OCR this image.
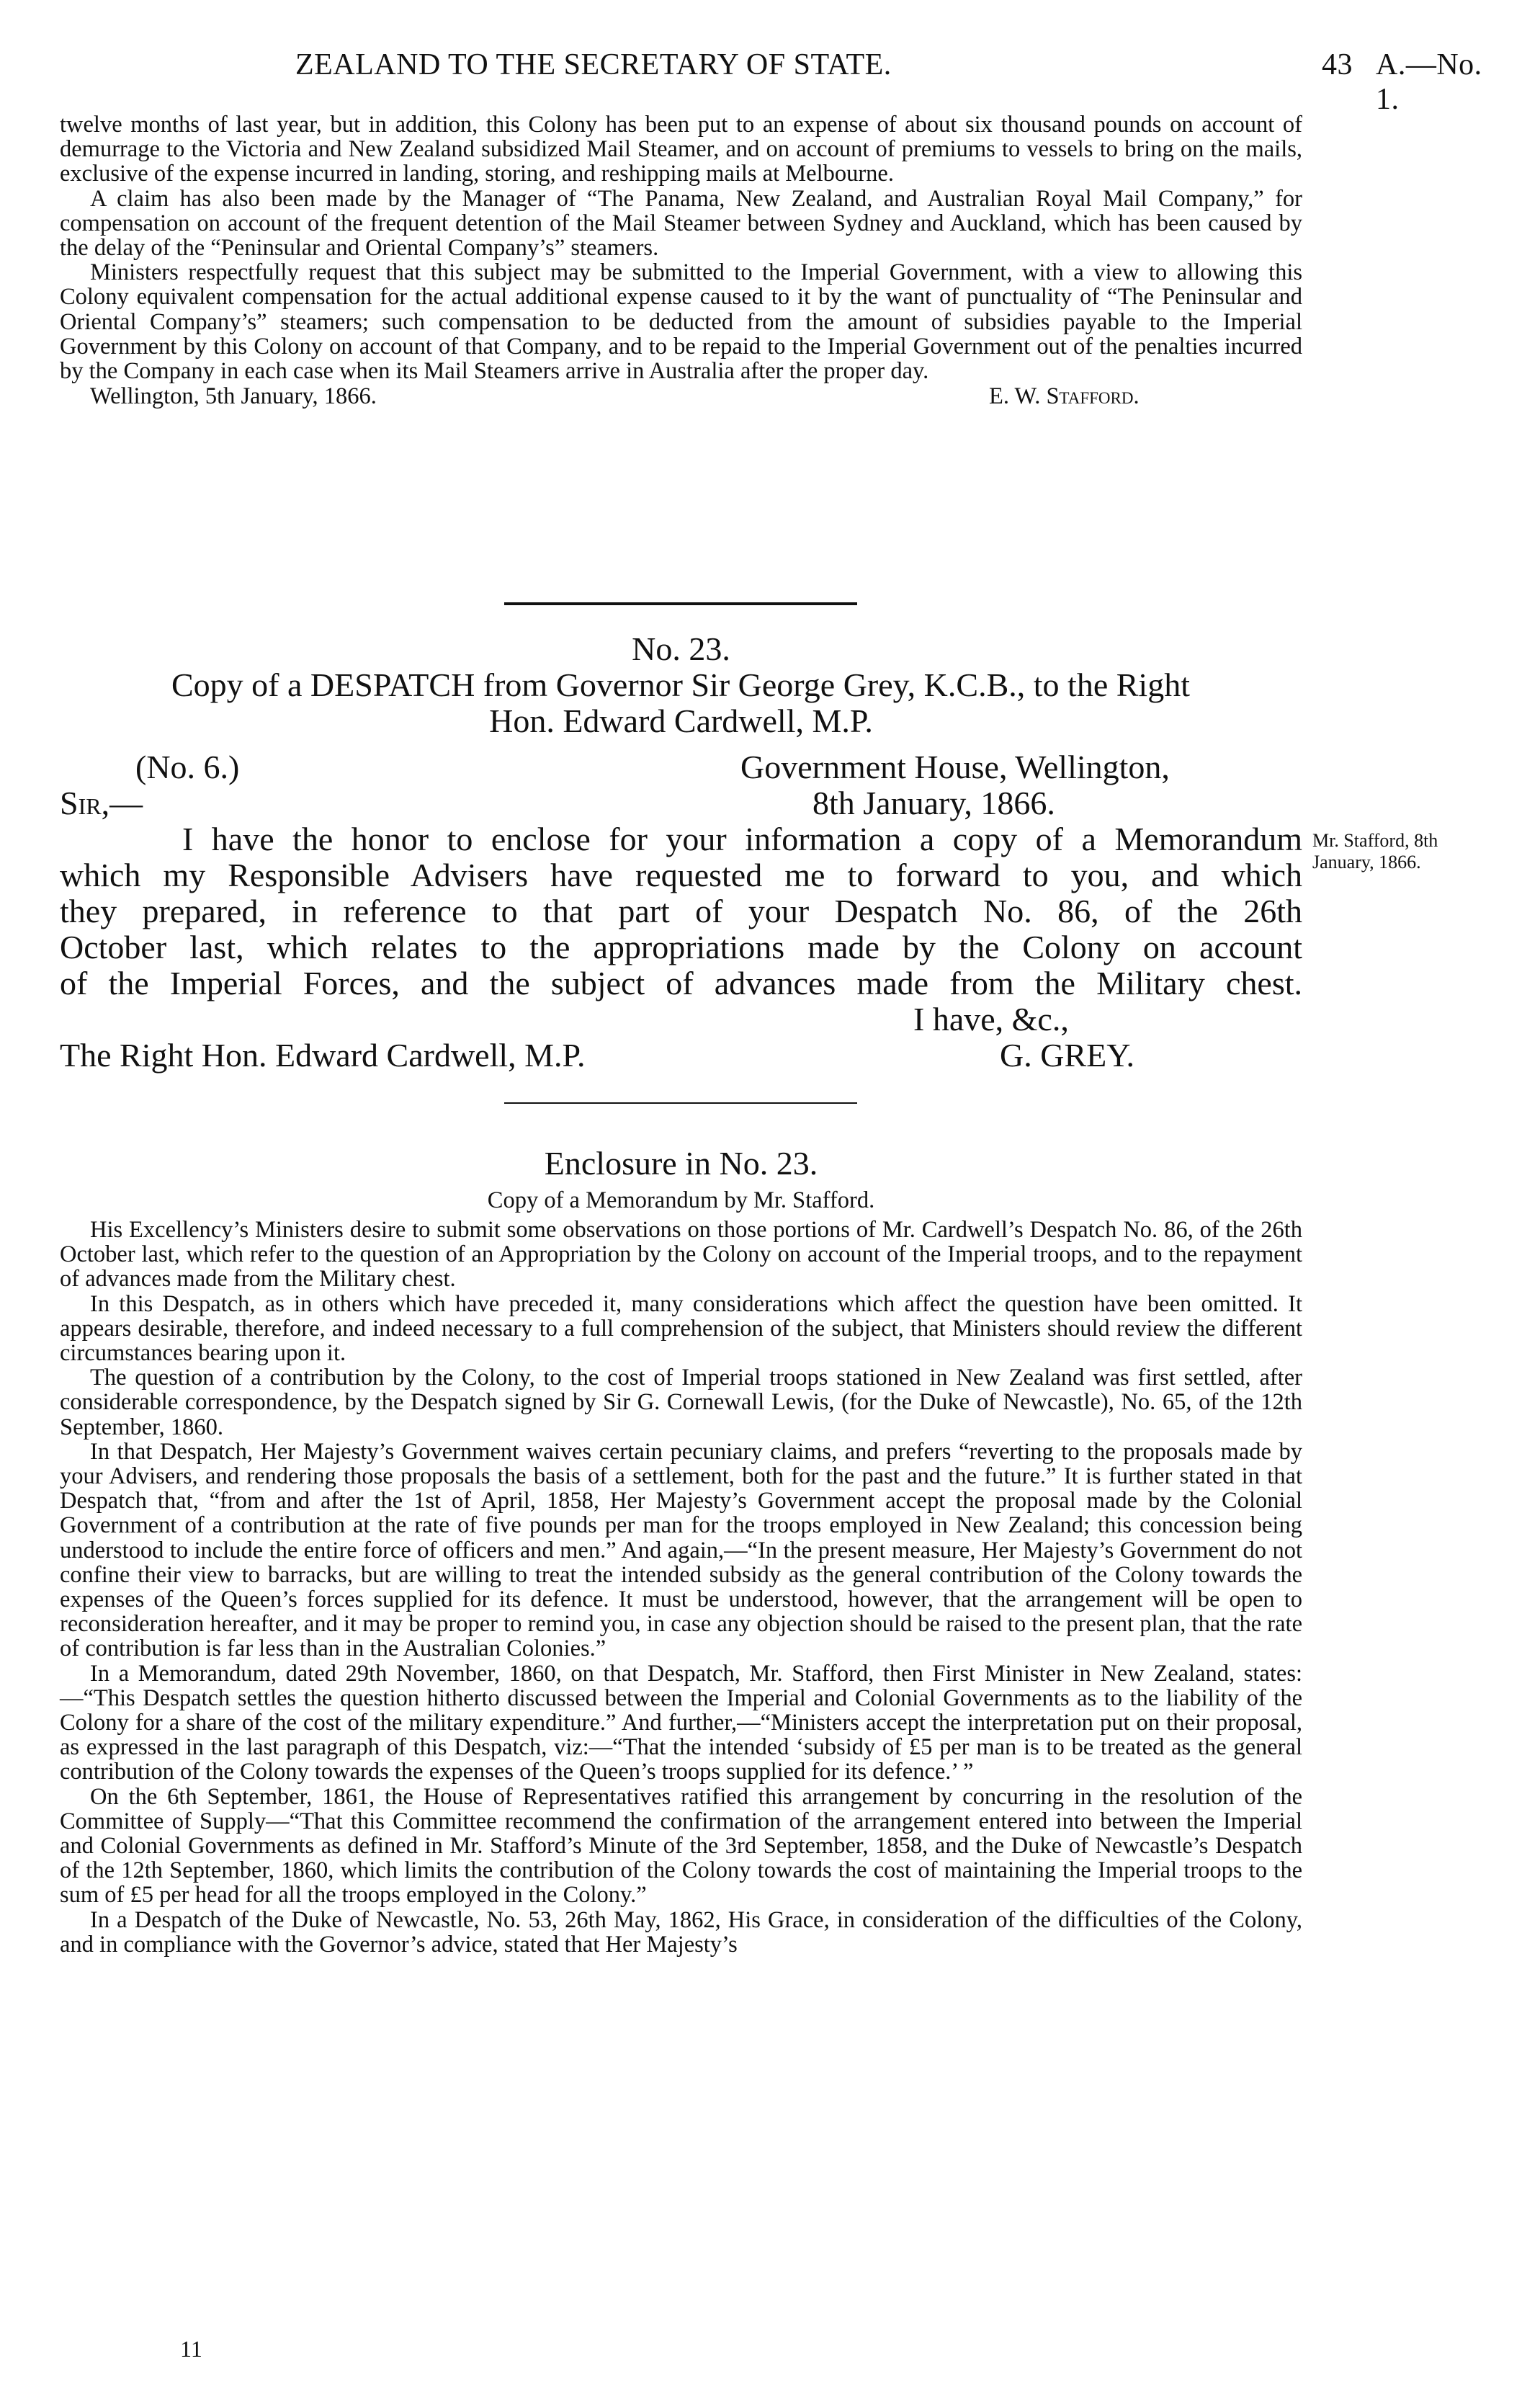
ZEALAND TO THE SECRETARY OF STATE.	43 A.—No. 1.

twelve months of last year, but in addition, this Colony has been put to an expense of about six thousand pounds on account of demurrage to the Victoria and New Zealand subsidized Mail Steamer, and on account of premiums to vessels to bring on the mails, exclusive of the expense incurred in landing, storing, and reshipping mails at Melbourne.

A claim has also been made by the Manager of “The Panama, New Zealand, and Australian Royal Mail Company,” for compensation on account of the frequent detention of the Mail Steamer between Sydney and Auckland, which has been caused by the delay of the “Peninsular and Oriental Company’s” steamers.

Ministers respectfully request that this subject may be submitted to the Imperial Government, with a view to allowing this Colony equivalent compensation for the actual additional expense caused to it by the want of punctuality of “The Peninsular and Oriental Company’s” steamers; such compensation to be deducted from the amount of subsidies payable to the Imperial Government by this Colony on account of that Company, and to be repaid to the Imperial Government out of the penalties incurred by the Company in each case when its Mail Steamers arrive in Australia after the proper day.

Wellington, 5th January, 1866.	E. W. Stafford.
No. 23.
Copy of a DESPATCH from Governor Sir George Grey, K.C.B., to the Right
Hon. Edward Cardwell, M.P.
(No. 6.)	Government House, Wellington,
Sir,—	8th January, 1866.
I have the honor to enclose for your information a copy of a Memorandum
which my Responsible Advisers have requested me to forward to you, and which
they prepared, in reference to that part of your Despatch No. 86, of the 26th
October last, which relates to the appropriations made by the Colony on account
of the Imperial Forces, and the subject of advances made from the Military chest.
Mr. Stafford, 8th
January, 1866.
I have, &c.,
The Right Hon. Edward Cardwell, M.P.	G. GREY.
Enclosure in No. 23.
Copy of a Memorandum by Mr. Stafford.

His Excellency’s Ministers desire to submit some observations on those portions of Mr. Cardwell’s Despatch No. 86, of the 26th October last, which refer to the question of an Appropriation by the Colony on account of the Imperial troops, and to the repayment of advances made from the Military chest.

In this Despatch, as in others which have preceded it, many considerations which affect the question have been omitted. It appears desirable, therefore, and indeed necessary to a full comprehension of the subject, that Ministers should review the different circumstances bearing upon it.

The question of a contribution by the Colony, to the cost of Imperial troops stationed in New Zealand was first settled, after considerable correspondence, by the Despatch signed by Sir G. Cornewall Lewis, (for the Duke of Newcastle), No. 65, of the 12th September, 1860.

In that Despatch, Her Majesty’s Government waives certain pecuniary claims, and prefers “reverting to the proposals made by your Advisers, and rendering those proposals the basis of a settlement, both for the past and the future.” It is further stated in that Despatch that, “from and after the 1st of April, 1858, Her Majesty’s Government accept the proposal made by the Colonial Government of a contribution at the rate of five pounds per man for the troops employed in New Zealand; this concession being understood to include the entire force of officers and men.” And again,—“In the present measure, Her Majesty’s Government do not confine their view to barracks, but are willing to treat the intended subsidy as the general contribution of the Colony towards the expenses of the Queen’s forces supplied for its defence. It must be understood, however, that the arrangement will be open to reconsideration hereafter, and it may be proper to remind you, in case any objection should be raised to the present plan, that the rate of contribution is far less than in the Australian Colonies.”

In a Memorandum, dated 29th November, 1860, on that Despatch, Mr. Stafford, then First Minister in New Zealand, states:—“This Despatch settles the question hitherto discussed between the Imperial and Colonial Governments as to the liability of the Colony for a share of the cost of the military expenditure.” And further,—“Ministers accept the interpretation put on their proposal, as expressed in the last paragraph of this Despatch, viz:—“That the intended ‘subsidy of £5 per man is to be treated as the general contribution of the Colony towards the expenses of the Queen’s troops supplied for its defence.’ ”

On the 6th September, 1861, the House of Representatives ratified this arrangement by concurring in the resolution of the Committee of Supply—“That this Committee recommend the confirmation of the arrangement entered into between the Imperial and Colonial Governments as defined in Mr. Stafford’s Minute of the 3rd September, 1858, and the Duke of Newcastle’s Despatch of the 12th September, 1860, which limits the contribution of the Colony towards the cost of maintaining the Imperial troops to the sum of £5 per head for all the troops employed in the Colony.”

In a Despatch of the Duke of Newcastle, No. 53, 26th May, 1862, His Grace, in consideration of the difficulties of the Colony, and in compliance with the Governor’s advice, stated that Her Majesty’s

11
